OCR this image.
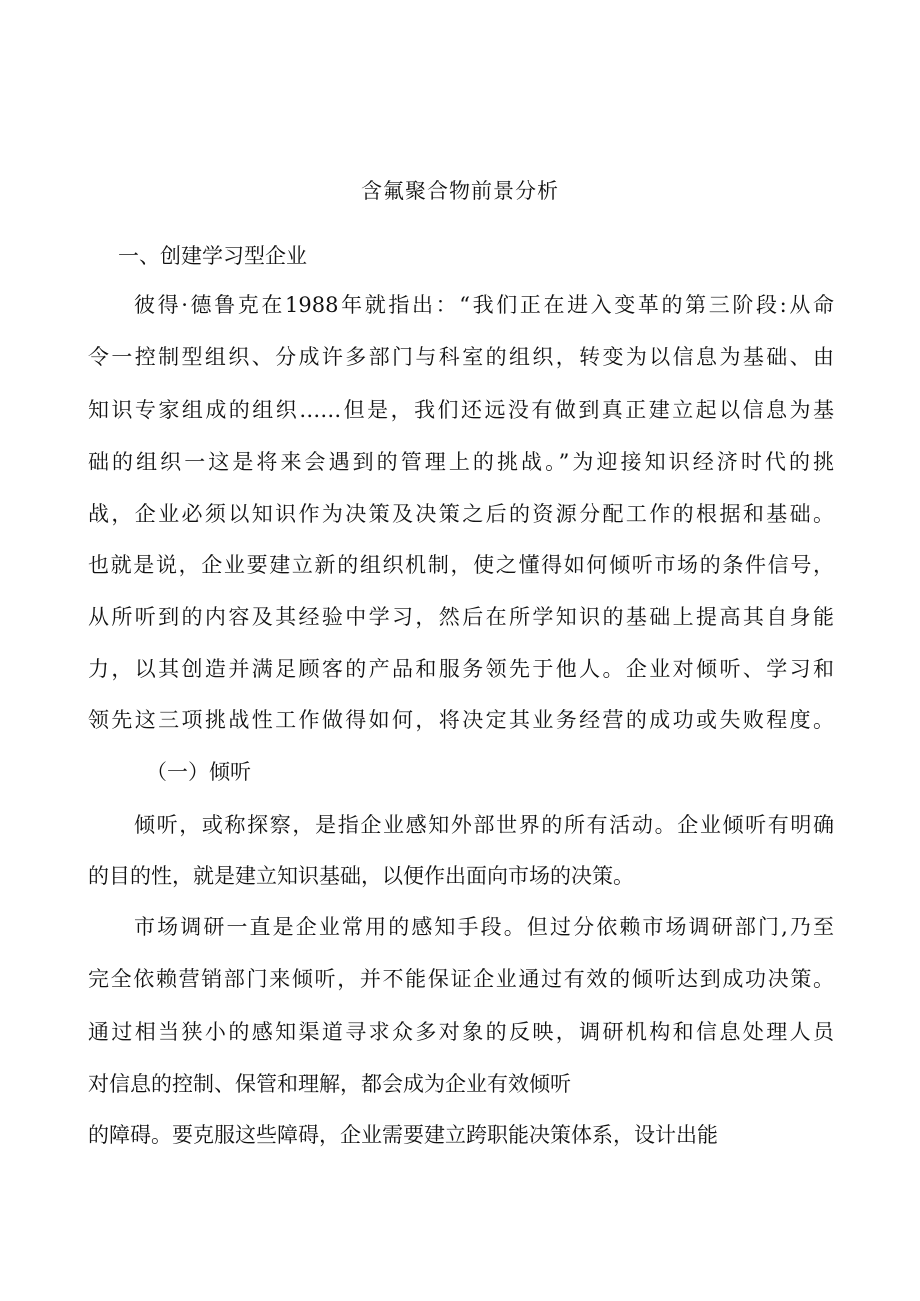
含氟聚合物前景分析
一、创建学习型企业
彼得·德鲁克在1988年就指出：“我们正在进入变革的第三阶段:从命
令一控制型组织、分成许多部门与科室的组织，转变为以信息为基础、由
知识专家组成的组织……但是，我们还远没有做到真正建立起以信息为基
础的组织一这是将来会遇到的管理上的挑战。”为迎接知识经济时代的挑
战，企业必须以知识作为决策及决策之后的资源分配工作的根据和基础。
也就是说，企业要建立新的组织机制，使之懂得如何倾听市场的条件信号，
从所听到的内容及其经验中学习，然后在所学知识的基础上提高其自身能
力，以其创造并满足顾客的产品和服务领先于他人。企业对倾听、学习和
领先这三项挑战性工作做得如何，将决定其业务经营的成功或失败程度。
（一）倾听
倾听，或称探察，是指企业感知外部世界的所有活动。企业倾听有明确
的目的性，就是建立知识基础，以便作出面向市场的决策。
市场调研一直是企业常用的感知手段。但过分依赖市场调研部门,乃至
完全依赖营销部门来倾听，并不能保证企业通过有效的倾听达到成功决策。
通过相当狭小的感知渠道寻求众多对象的反映，调研机构和信息处理人员
对信息的控制、保管和理解，都会成为企业有效倾听
的障碍。要克服这些障碍，企业需要建立跨职能决策体系，设计出能
